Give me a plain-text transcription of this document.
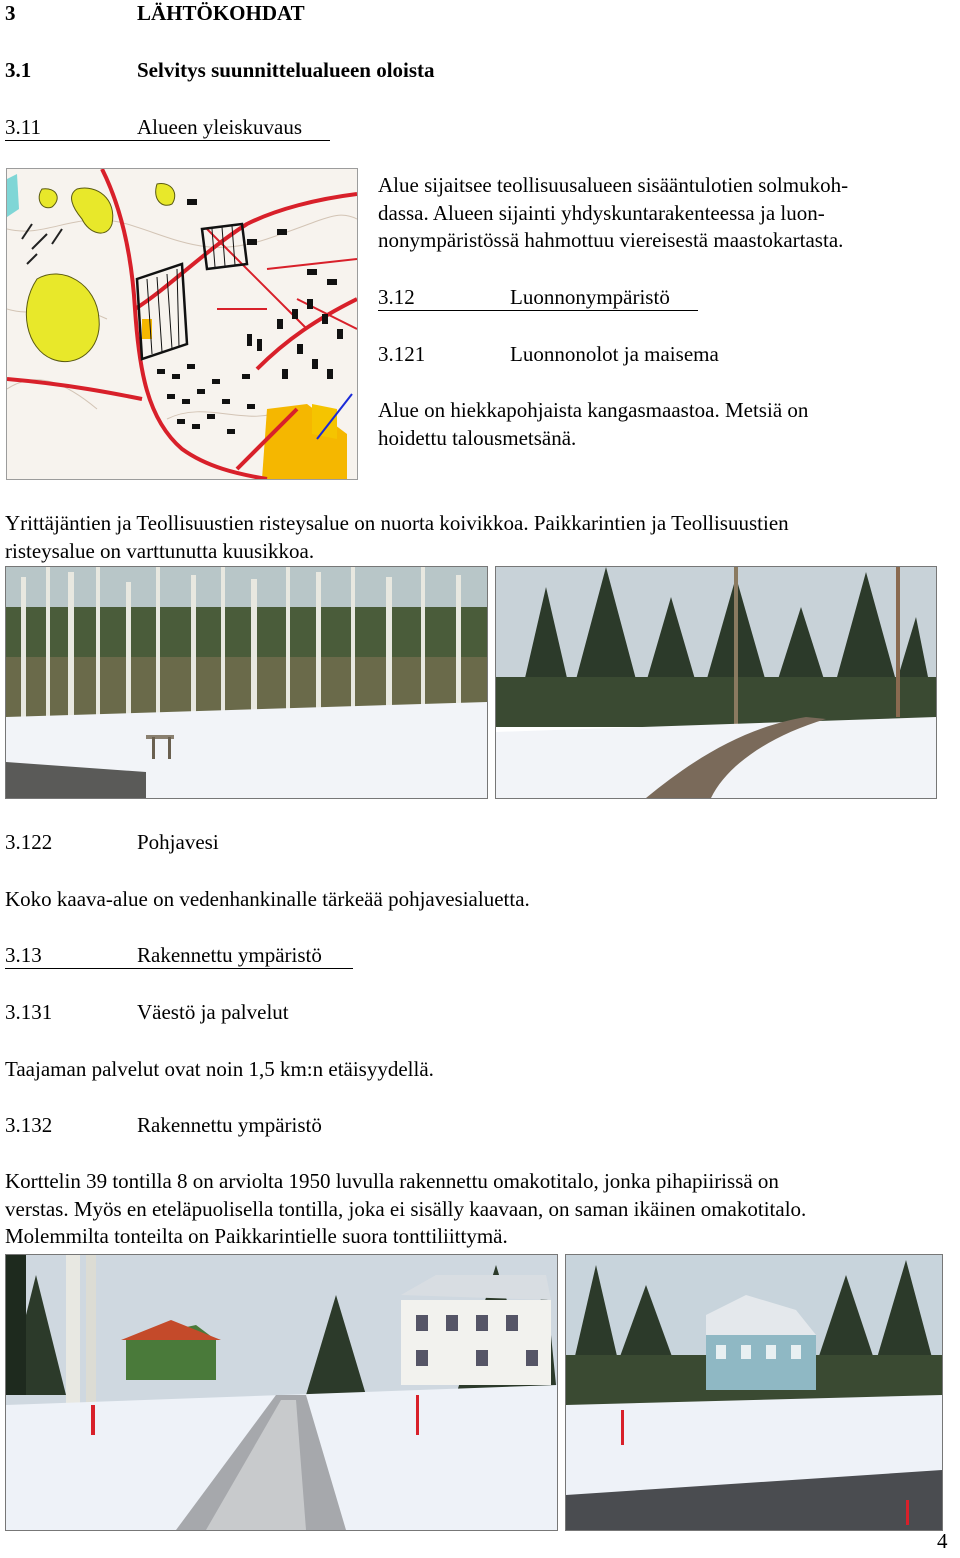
3	LÄHTÖKOHDAT
3.1	Selvitys suunnittelualueen oloista
3.11	Alueen yleiskuvaus
Alue sijaitsee teollisuusalueen sisääntulotien solmukoh-
dassa. Alueen sijainti yhdyskuntarakenteessa ja luon-
nonympäristössä hahmottuu viereisestä maastokartasta.
3.12	Luonnonympäristö
3.121	Luonnonolot ja maisema
Alue on hiekkapohjaista kangasmaastoa. Metsiä on
hoidettu talousmetsänä.
Yrittäjäntien ja Teollisuustien risteysalue on nuorta koivikkoa. Paikkarintien ja Teollisuustien
risteysalue on varttunutta kuusikkoa.
3.122	Pohjavesi
Koko kaava-alue on vedenhankinalle tärkeää pohjavesialuetta.
3.13	Rakennettu ympäristö
3.131	Väestö ja palvelut
Taajaman palvelut ovat noin 1,5 km:n etäisyydellä.
3.132	Rakennettu ympäristö
Korttelin 39 tontilla 8 on arviolta 1950 luvulla rakennettu omakotitalo, jonka pihapiirissä on
verstas. Myös en eteläpuolisella tontilla, joka ei sisälly kaavaan, on saman ikäinen omakotitalo.
Molemmilta tonteilta on Paikkarintielle suora tonttiliittymä.
4
